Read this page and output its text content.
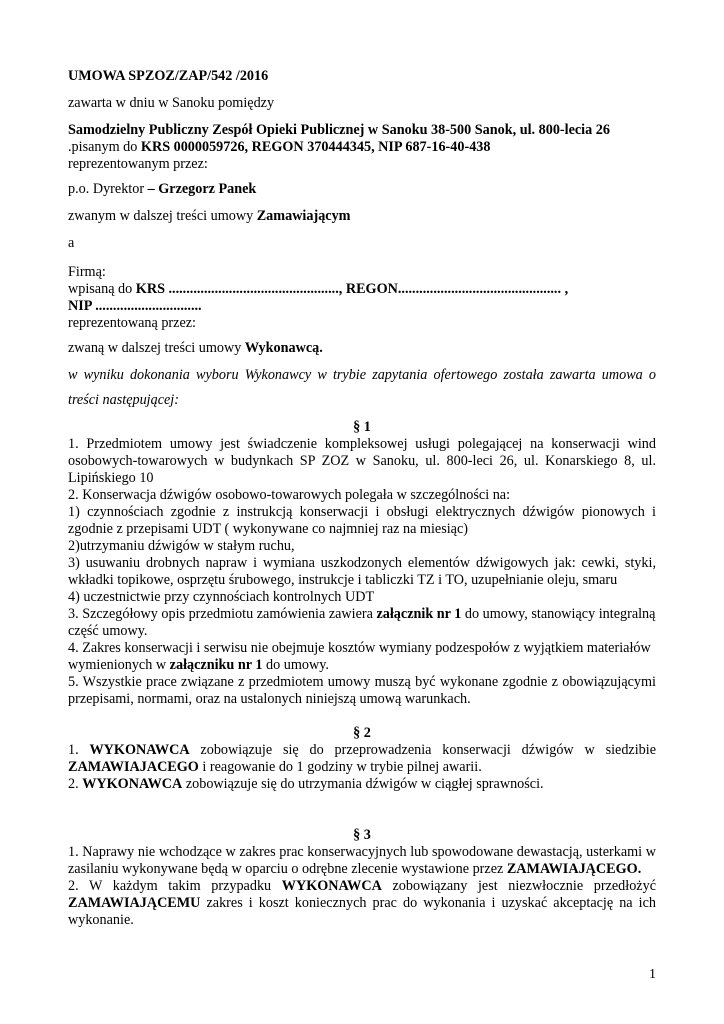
UMOWA SPZOZ/ZAP/542 /2016

zawarta w dniu w Sanoku pomiędzy

Samodzielny Publiczny Zespół Opieki Publicznej w Sanoku 38-500 Sanok, ul. 800-lecia 26

.pisanym do KRS 0000059726, REGON 370444345, NIP 687-16-40-438

reprezentowanym przez:

p.o. Dyrektor – Grzegorz Panek

zwanym w dalszej treści umowy Zamawiającym

a

Firmą:

wpisaną do KRS ................................................, REGON.............................................. ,

NIP ..............................

reprezentowaną przez:

zwaną w dalszej treści umowy Wykonawcą.

w wyniku dokonania wyboru Wykonawcy w trybie zapytania ofertowego została zawarta umowa o treści następującej:

§ 1

1. Przedmiotem umowy jest świadczenie kompleksowej usługi polegającej na konserwacji wind osobowych-towarowych w budynkach SP ZOZ w Sanoku, ul. 800-leci 26, ul. Konarskiego 8, ul. Lipińskiego 10

2. Konserwacja dźwigów osobowo-towarowych polegała w szczególności na:

1) czynnościach zgodnie z instrukcją konserwacji i obsługi elektrycznych dźwigów pionowych i zgodnie z przepisami UDT ( wykonywane co najmniej raz na miesiąc)

2)utrzymaniu dźwigów w stałym ruchu,

3) usuwaniu drobnych napraw i wymiana uszkodzonych elementów dźwigowych jak: cewki, styki, wkładki topikowe, osprzętu śrubowego, instrukcje i tabliczki TZ i TO, uzupełnianie oleju, smaru

4) uczestnictwie przy czynnościach kontrolnych UDT

3. Szczegółowy opis przedmiotu zamówienia zawiera załącznik nr 1 do umowy, stanowiący integralną część umowy.

4. Zakres konserwacji i serwisu nie obejmuje kosztów wymiany podzespołów z wyjątkiem materiałów wymienionych w załączniku nr 1 do umowy.

5. Wszystkie prace związane z przedmiotem umowy muszą być wykonane zgodnie z obowiązującymi przepisami, normami, oraz na ustalonych niniejszą umową warunkach.

§ 2

1. WYKONAWCA zobowiązuje się do przeprowadzenia konserwacji dźwigów w siedzibie ZAMAWIAJACEGO i reagowanie do 1 godziny w trybie pilnej awarii.

2. WYKONAWCA zobowiązuje się do utrzymania dźwigów w ciągłej sprawności.

§ 3

1. Naprawy nie wchodzące w zakres prac konserwacyjnych lub spowodowane dewastacją, usterkami w zasilaniu wykonywane będą w oparciu o odrębne zlecenie wystawione przez ZAMAWIAJĄCEGO.

2. W każdym takim przypadku WYKONAWCA zobowiązany jest niezwłocznie przedłożyć ZAMAWIAJĄCEMU zakres i koszt koniecznych prac do wykonania i uzyskać akceptację na ich wykonanie.

1
